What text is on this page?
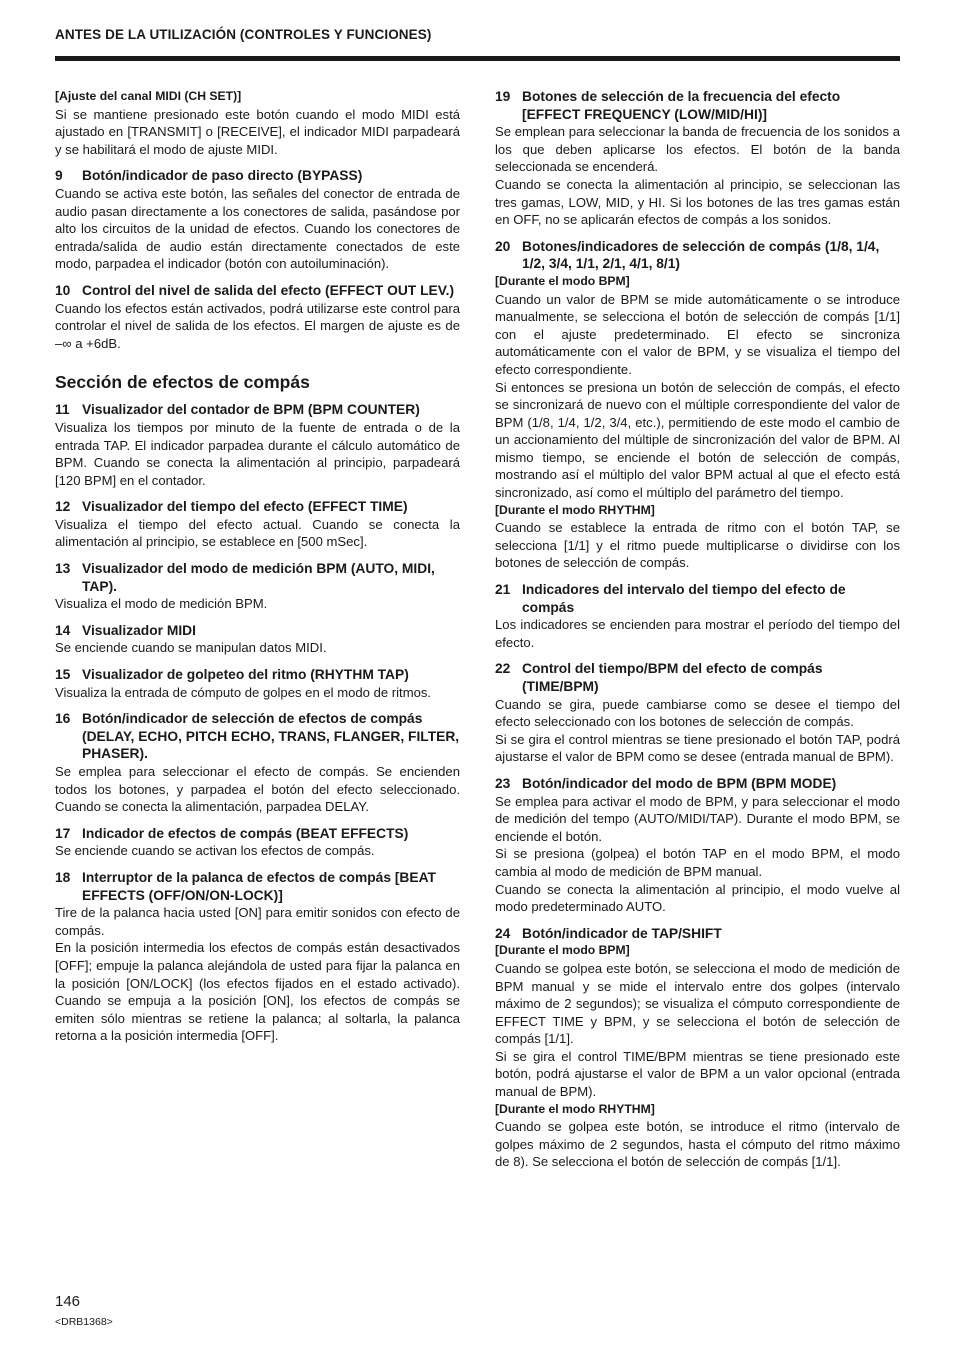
ANTES DE LA UTILIZACIÓN (CONTROLES Y FUNCIONES)

[Ajuste del canal MIDI (CH SET)]

Si se mantiene presionado este botón cuando el modo MIDI está ajustado en [TRANSMIT] o [RECEIVE], el indicador MIDI parpadeará y se habilitará el modo de ajuste MIDI.

9	Botón/indicador de paso directo (BYPASS)

Cuando se activa este botón, las señales del conector de entrada de audio pasan directamente a los conectores de salida, pasándose por alto los circuitos de la unidad de efectos. Cuando los conectores de entrada/salida de audio están directamente conectados de este modo, parpadea el indicador (botón con autoiluminación).

10 Control del nivel de salida del efecto (EFFECT OUT LEV.)

Cuando los efectos están activados, podrá utilizarse este control para controlar el nivel de salida de los efectos. El margen de ajuste es de –∞ a +6dB.

Sección de efectos de compás
11 Visualizador del contador de BPM (BPM COUNTER)

Visualiza los tiempos por minuto de la fuente de entrada o de la entrada TAP. El indicador parpadea durante el cálculo automático de BPM. Cuando se conecta la alimentación al principio, parpadeará [120 BPM] en el contador.

12 Visualizador del tiempo del efecto (EFFECT TIME)

Visualiza el tiempo del efecto actual. Cuando se conecta la alimentación al principio, se establece en [500 mSec].

13 Visualizador del modo de medición BPM (AUTO, MIDI, TAP).

Visualiza el modo de medición BPM.

14 Visualizador MIDI

Se enciende cuando se manipulan datos MIDI.

15 Visualizador de golpeteo del ritmo (RHYTHM TAP)

Visualiza la entrada de cómputo de golpes en el modo de ritmos.

16 Botón/indicador de selección de efectos de compás (DELAY, ECHO, PITCH ECHO, TRANS, FLANGER, FILTER, PHASER).

Se emplea para seleccionar el efecto de compás. Se encienden todos los botones, y parpadea el botón del efecto seleccionado. Cuando se conecta la alimentación, parpadea DELAY.

17 Indicador de efectos de compás (BEAT EFFECTS)

Se enciende cuando se activan los efectos de compás.

18 Interruptor de la palanca de efectos de compás [BEAT EFFECTS (OFF/ON/ON-LOCK)]

Tire de la palanca hacia usted [ON] para emitir sonidos con efecto de compás.

En la posición intermedia los efectos de compás están desactivados [OFF]; empuje la palanca alejándola de usted para fijar la palanca en la posición [ON/LOCK] (los efectos fijados en el estado activado). Cuando se empuja a la posición [ON], los efectos de compás se emiten sólo mientras se retiene la palanca; al soltarla, la palanca retorna a la posición intermedia [OFF].

19 Botones de selección de la frecuencia del efecto [EFFECT FREQUENCY (LOW/MID/HI)]

Se emplean para seleccionar la banda de frecuencia de los sonidos a los que deben aplicarse los efectos. El botón de la banda seleccionada se encenderá.

Cuando se conecta la alimentación al principio, se seleccionan las tres gamas, LOW, MID, y HI. Si los botones de las tres gamas están en OFF, no se aplicarán efectos de compás a los sonidos.

20 Botones/indicadores de selección de compás (1/8, 1/4, 1/2, 3/4, 1/1, 2/1, 4/1, 8/1)

[Durante el modo BPM]

Cuando un valor de BPM se mide automáticamente o se introduce manualmente, se selecciona el botón de selección de compás [1/1] con el ajuste predeterminado. El efecto se sincroniza automáticamente con el valor de BPM, y se visualiza el tiempo del efecto correspondiente.

Si entonces se presiona un botón de selección de compás, el efecto se sincronizará de nuevo con el múltiple correspondiente del valor de BPM (1/8, 1/4, 1/2, 3/4, etc.), permitiendo de este modo el cambio de un accionamiento del múltiple de sincronización del valor de BPM. Al mismo tiempo, se enciende el botón de selección de compás, mostrando así el múltiplo del valor BPM actual al que el efecto está sincronizado, así como el múltiplo del parámetro del tiempo.

[Durante el modo RHYTHM]

Cuando se establece la entrada de ritmo con el botón TAP, se selecciona [1/1] y el ritmo puede multiplicarse o dividirse con los botones de selección de compás.

21 Indicadores del intervalo del tiempo del efecto de compás

Los indicadores se encienden para mostrar el período del tiempo del efecto.

22 Control del tiempo/BPM del efecto de compás (TIME/BPM)

Cuando se gira, puede cambiarse como se desee el tiempo del efecto seleccionado con los botones de selección de compás.

Si se gira el control mientras se tiene presionado el botón TAP, podrá ajustarse el valor de BPM como se desee (entrada manual de BPM).

23 Botón/indicador del modo de BPM (BPM MODE)

Se emplea para activar el modo de BPM, y para seleccionar el modo de medición del tempo (AUTO/MIDI/TAP). Durante el modo BPM, se enciende el botón.

Si se presiona (golpea) el botón TAP en el modo BPM, el modo cambia al modo de medición de BPM manual.

Cuando se conecta la alimentación al principio, el modo vuelve al modo predeterminado AUTO.

24 Botón/indicador de TAP/SHIFT

[Durante el modo BPM]

Cuando se golpea este botón, se selecciona el modo de medición de BPM manual y se mide el intervalo entre dos golpes (intervalo máximo de 2 segundos); se visualiza el cómputo correspondiente de EFFECT TIME y BPM, y se selecciona el botón de selección de compás [1/1].

Si se gira el control TIME/BPM mientras se tiene presionado este botón, podrá ajustarse el valor de BPM a un valor opcional (entrada manual de BPM).

[Durante el modo RHYTHM]

Cuando se golpea este botón, se introduce el ritmo (intervalo de golpes máximo de 2 segundos, hasta el cómputo del ritmo máximo de 8). Se selecciona el botón de selección de compás [1/1].

146
<DRB1368>
